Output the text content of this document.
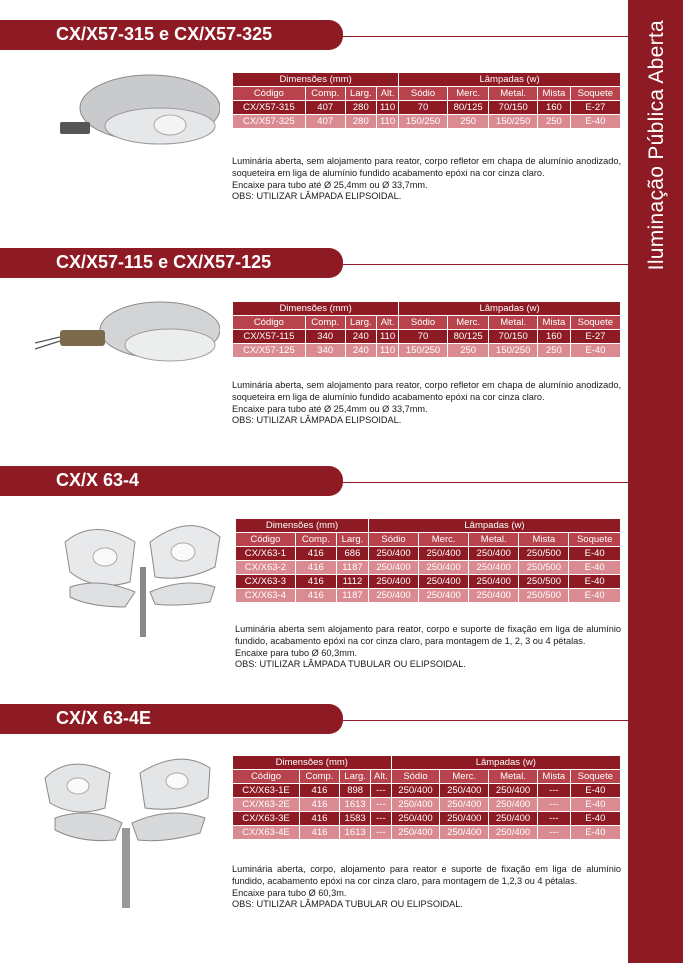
Iluminação Pública Aberta
CX/X57-315 e CX/X57-325
Dimensões (mm)				Lâmpadas (w)				
Código	Comp.	Larg.	Alt.	Sódio	Merc.	Metal.	Mista	Soquete
CX/X57-315	407	280	110	70	80/125	70/150	160	E-27
CX/X57-325	407	280	110	150/250	250	150/250	250	E-40

Luminária aberta, sem alojamento para reator, corpo refletor em chapa de alumínio anodizado, soqueteira em liga de alumínio fundido acabamento epóxi na cor cinza claro.

Encaixe para tubo até Ø 25,4mm ou Ø 33,7mm.

OBS: UTILIZAR LÂMPADA ELIPSOIDAL.

CX/X57-115 e CX/X57-125
Dimensões (mm)				Lâmpadas (w)				
Código	Comp.	Larg.	Alt.	Sódio	Merc.	Metal.	Mista	Soquete
CX/X57-115	340	240	110	70	80/125	70/150	160	E-27
CX/X57-125	340	240	110	150/250	250	150/250	250	E-40

Luminária aberta, sem alojamento para reator, corpo refletor em chapa de alumínio anodizado, soqueteira em liga de alumínio fundido acabamento epóxi na cor cinza claro.

Encaixe para tubo até Ø 25,4mm ou Ø 33,7mm.

OBS: UTILIZAR LÂMPADA ELIPSOIDAL.

CX/X 63-4
Dimensões (mm)			Lâmpadas (w)				
Código	Comp.	Larg.	Sódio	Merc.	Metal.	Mista	Soquete
CX/X63-1	416	686	250/400	250/400	250/400	250/500	E-40
CX/X63-2	416	1187	250/400	250/400	250/400	250/500	E-40
CX/X63-3	416	1112	250/400	250/400	250/400	250/500	E-40
CX/X63-4	416	1187	250/400	250/400	250/400	250/500	E-40

Luminária aberta sem alojamento para reator, corpo e suporte de fixação em liga de alumínio fundido, acabamento epóxi na cor cinza claro, para montagem de 1, 2, 3 ou 4 pétalas.

Encaixe para tubo Ø 60,3mm.

OBS: UTILIZAR LÂMPADA TUBULAR OU ELIPSOIDAL.

CX/X 63-4E
Dimensões (mm)				Lâmpadas (w)				
Código	Comp.	Larg.	Alt.	Sódio	Merc.	Metal.	Mista	Soquete
CX/X63-1E	416	898	---	250/400	250/400	250/400	---	E-40
CX/X63-2E	416	1613	---	250/400	250/400	250/400	---	E-40
CX/X63-3E	416	1583	---	250/400	250/400	250/400	---	E-40
CX/X63-4E	416	1613	---	250/400	250/400	250/400	---	E-40

Luminária aberta, corpo, alojamento para reator e suporte de fixação em liga de alumínio fundido, acabamento epóxi na cor cinza claro, para montagem de 1,2,3 ou 4 pétalas.

Encaixe para tubo Ø 60,3m.

OBS: UTILIZAR LÂMPADA TUBULAR OU ELIPSOIDAL.
